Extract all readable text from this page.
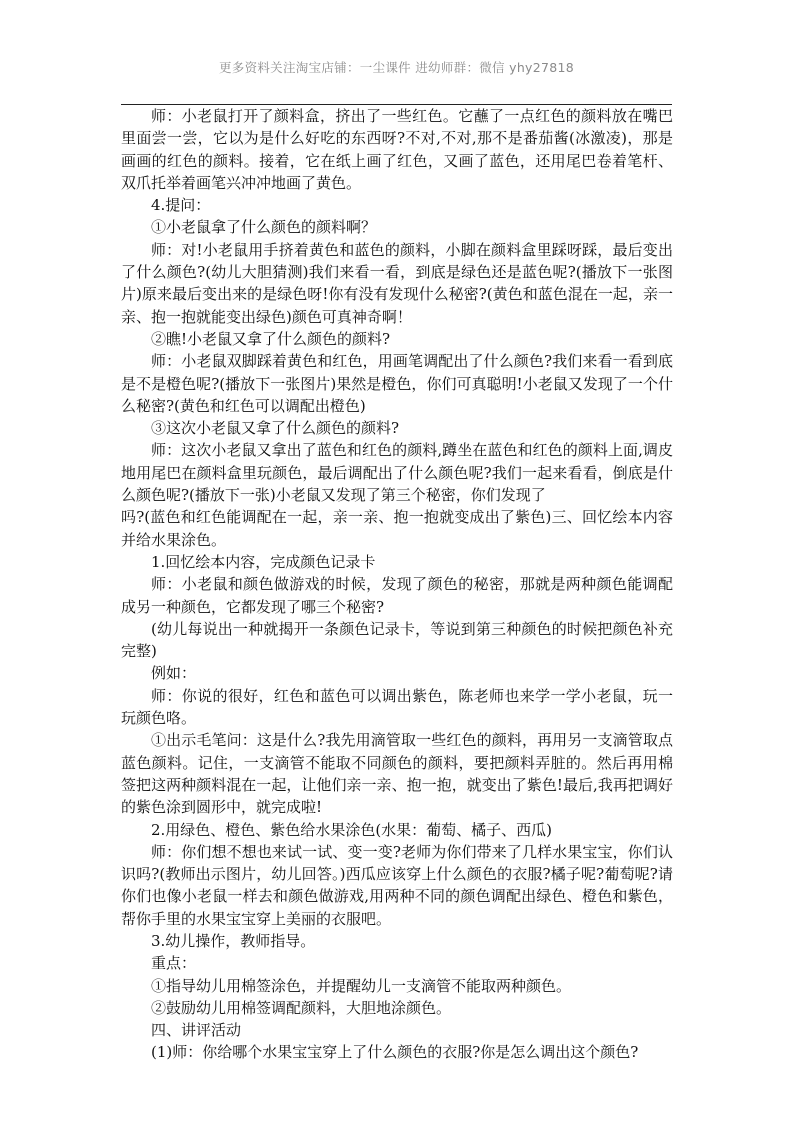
更多资料关注淘宝店铺：一尘课件 进幼师群：微信 yhy27818

师：小老鼠打开了颜料盒，挤出了一些红色。它蘸了一点红色的颜料放在嘴巴里面尝一尝，它以为是什么好吃的东西呀?不对,不对,那不是番茄酱(冰激凌)，那是画画的红色的颜料。接着，它在纸上画了红色，又画了蓝色，还用尾巴卷着笔杆、双爪托举着画笔兴冲冲地画了黄色。

4.提问：

①小老鼠拿了什么颜色的颜料啊？

师：对!小老鼠用手挤着黄色和蓝色的颜料，小脚在颜料盒里踩呀踩，最后变出了什么颜色?(幼儿大胆猜测)我们来看一看，到底是绿色还是蓝色呢?(播放下一张图片)原来最后变出来的是绿色呀!你有没有发现什么秘密?(黄色和蓝色混在一起，亲一亲、抱一抱就能变出绿色)颜色可真神奇啊！

②瞧!小老鼠又拿了什么颜色的颜料?

师：小老鼠双脚踩着黄色和红色，用画笔调配出了什么颜色?我们来看一看到底是不是橙色呢?(播放下一张图片)果然是橙色，你们可真聪明!小老鼠又发现了一个什么秘密?(黄色和红色可以调配出橙色)

③这次小老鼠又拿了什么颜色的颜料?

师：这次小老鼠又拿出了蓝色和红色的颜料,蹲坐在蓝色和红色的颜料上面,调皮地用尾巴在颜料盒里玩颜色，最后调配出了什么颜色呢?我们一起来看看，倒底是什么颜色呢?(播放下一张)小老鼠又发现了第三个秘密，你们发现了

吗?(蓝色和红色能调配在一起，亲一亲、抱一抱就变成出了紫色)三、回忆绘本内容并给水果涂色。

1.回忆绘本内容，完成颜色记录卡

师：小老鼠和颜色做游戏的时候，发现了颜色的秘密，那就是两种颜色能调配成另一种颜色，它都发现了哪三个秘密?

(幼儿每说出一种就揭开一条颜色记录卡，等说到第三种颜色的时候把颜色补充完整)

例如：

师：你说的很好，红色和蓝色可以调出紫色，陈老师也来学一学小老鼠，玩一玩颜色咯。

①出示毛笔问：这是什么?我先用滴管取一些红色的颜料，再用另一支滴管取点蓝色颜料。记住，一支滴管不能取不同颜色的颜料，要把颜料弄脏的。然后再用棉签把这两种颜料混在一起，让他们亲一亲、抱一抱，就变出了紫色!最后,我再把调好的紫色涂到圆形中，就完成啦!

2.用绿色、橙色、紫色给水果涂色(水果：葡萄、橘子、西瓜)

师：你们想不想也来试一试、变一变?老师为你们带来了几样水果宝宝，你们认识吗?(教师出示图片，幼儿回答。)西瓜应该穿上什么颜色的衣服?橘子呢?葡萄呢?请你们也像小老鼠一样去和颜色做游戏,用两种不同的颜色调配出绿色、橙色和紫色，帮你手里的水果宝宝穿上美丽的衣服吧。

3.幼儿操作，教师指导。

重点：

①指导幼儿用棉签涂色，并提醒幼儿一支滴管不能取两种颜色。

②鼓励幼儿用棉签调配颜料，大胆地涂颜色。

四、讲评活动

(1)师：你给哪个水果宝宝穿上了什么颜色的衣服?你是怎么调出这个颜色?
